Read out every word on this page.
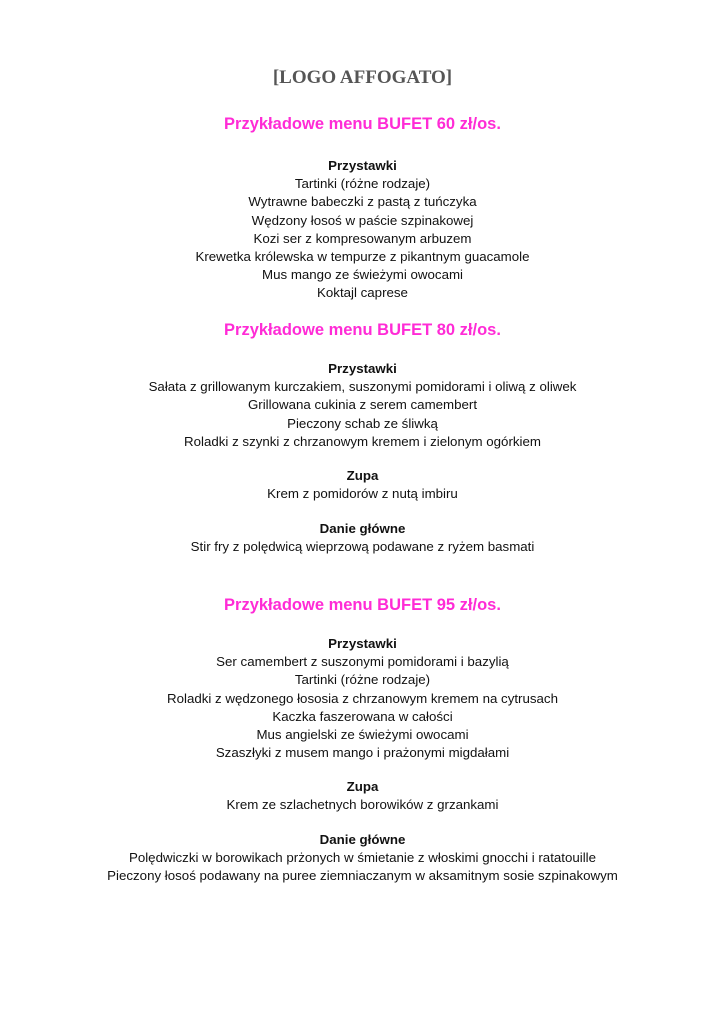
[LOGO AFFOGATO]
Przykładowe menu BUFET 60 zł/os.
Przystawki
Tartinki (różne rodzaje)
Wytrawne babeczki z pastą z tuńczyka
Wędzony łosoś w paście szpinakowej
Kozi ser z kompresowanym arbuzem
Krewetka królewska w tempurze z pikantnym guacamole
Mus mango ze świeżymi owocami
Koktajl caprese
Przykładowe menu BUFET 80 zł/os.
Przystawki
Sałata z grillowanym kurczakiem, suszonymi pomidorami i oliwą z oliwek
Grillowana cukinia z serem camembert
Pieczony schab ze śliwką
Roladki z szynki z chrzanowym kremem i zielonym ogórkiem
Zupa
Krem z pomidorów z nutą imbiru
Danie główne
Stir fry z polędwicą wieprzową podawane z ryżem basmati
Przykładowe menu BUFET 95 zł/os.
Przystawki
Ser camembert z suszonymi pomidorami i bazylią
Tartinki (różne rodzaje)
Roladki z wędzonego łososia z chrzanowym kremem na cytrusach
Kaczka faszerowana w całości
Mus angielski ze świeżymi owocami
Szaszłyki z musem mango i prażonymi migdałami
Zupa
Krem ze szlachetnych borowików z grzankami
Danie główne
Polędwiczki w borowikach prżonych w śmietanie z włoskimi gnocchi i ratatouille
Pieczony łosoś podawany na puree ziemniaczanym w aksamitnym sosie szpinakowym
